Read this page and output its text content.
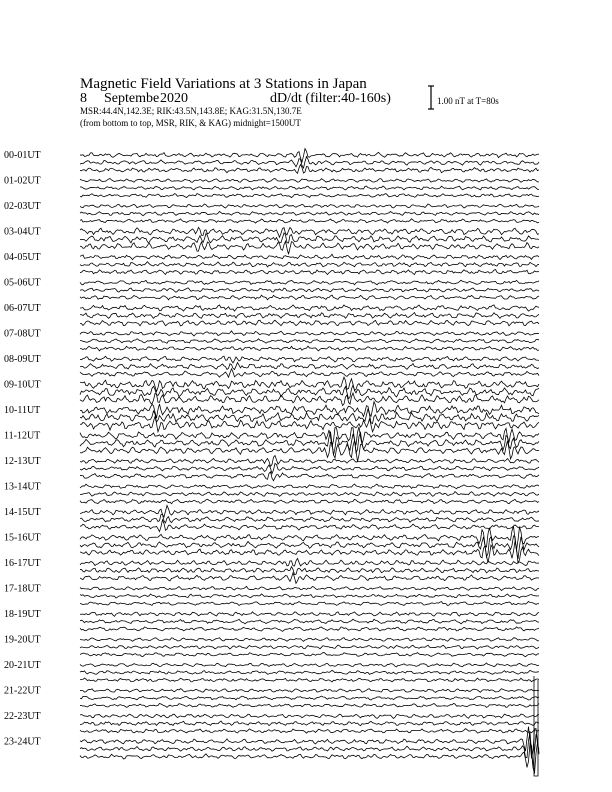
Magnetic Field Variations at 3 Stations in Japan
8 Septembe 2020	dD/dt (filter:40-160s)
MSR:44.4N,142.3E; RIK:43.5N,143.8E; KAG:31.5N,130.7E
(from bottom to top, MSR, RIK, & KAG) midnight=1500UT
1.00 nT at T=80s
00-01UT
01-02UT
02-03UT
03-04UT
04-05UT
05-06UT
06-07UT
07-08UT
08-09UT
09-10UT
10-11UT
11-12UT
12-13UT
13-14UT
14-15UT
15-16UT
16-17UT
17-18UT
18-19UT
19-20UT
20-21UT
21-22UT
22-23UT
23-24UT
